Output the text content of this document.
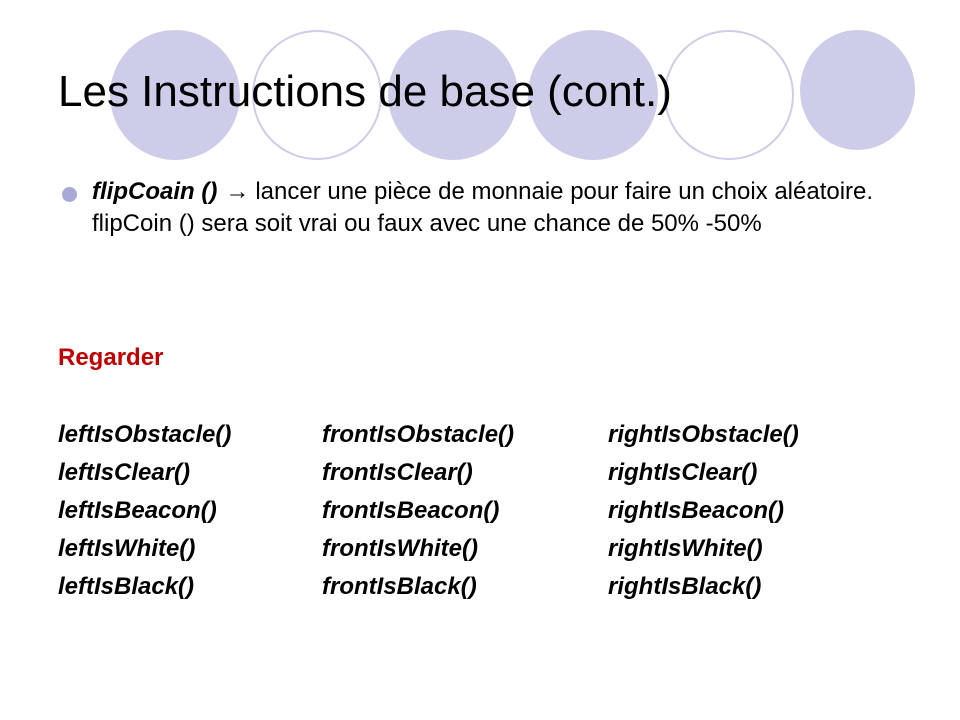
Les Instructions de base (cont.)
flipCoain () → lancer une pièce de monnaie pour faire un choix aléatoire. flipCoin () sera soit vrai ou faux avec une chance de 50% -50%
Regarder
leftIsObstacle()	frontIsObstacle()	rightIsObstacle()
leftIsClear()	frontIsClear()	rightIsClear()
leftIsBeacon()	frontIsBeacon()	rightIsBeacon()
leftIsWhite()	frontIsWhite()	rightIsWhite()
leftIsBlack()	frontIsBlack()	rightIsBlack()
